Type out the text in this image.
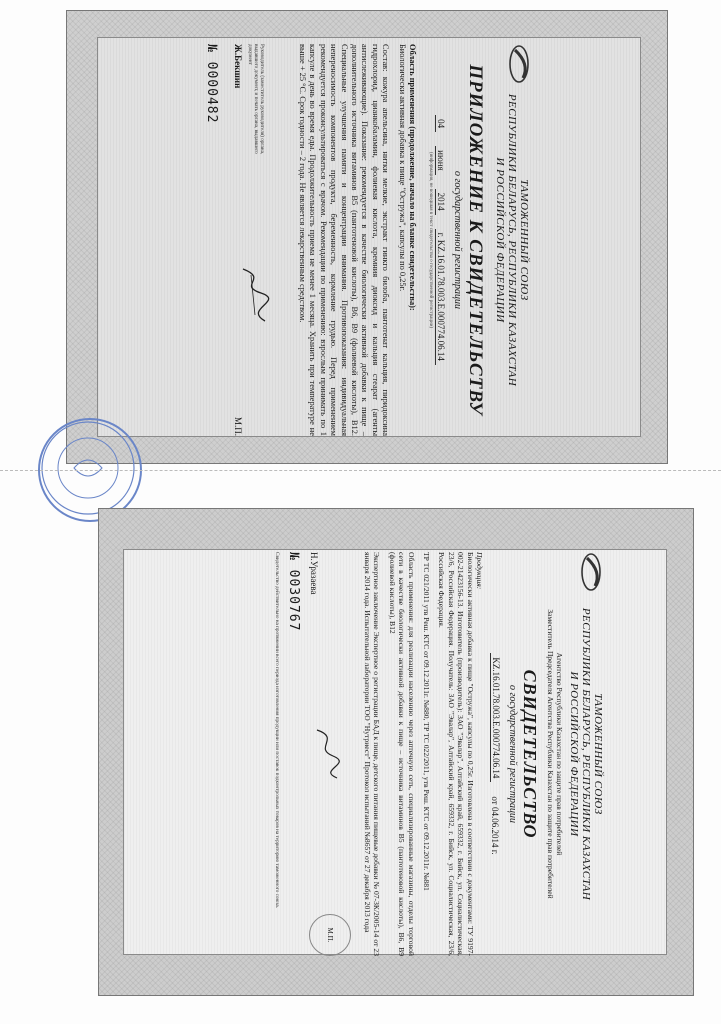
ТАМОЖЕННЫЙ СОЮЗ
РЕСПУБЛИКИ БЕЛАРУСЬ, РЕСПУБЛИКИ КАЗАХСТАН
И РОССИЙСКОЙ ФЕДЕРАЦИИ
ПРИЛОЖЕНИЕ К СВИДЕТЕЛЬСТВУ
о государственной регистрации
04
июня
2014
г. KZ.16.01.78.003.Е.000774.06.14
(информация, не вошедшая в текст свидетельства о государственной регистрации)
Область применения (продолжение, начало на бланке свидетельства):
Биологически активная добавка к пище "Остружа", капсулы по 0,25г.
Состав: кожура апельсина, нитки мелкие, экстракт гинкго билоба, пантотенат кальция, пиридоксина гидрохлорид, цианкобаламин, фолиевая кислота, кремния диоксид и кальция стеарат (агенты антислеживающие). Показание: рекомендуется в качестве биологически активной добавки к пище – дополнительного источника витаминов B5 (пантотеновой кислоты), B6, B9 (фолиевой кислоты), B12. Специальные улучшения памяти и концентрации внимания. Противопоказания: индивидуальная непереносимость компонентов продукта, беременность, кормление грудью. Перед применением рекомендуется проконсультироваться с врачом. Рекомендации по применению: взрослым принимать по 1 капсуле в день во время еды. Продолжительность приема не менее 1 месяца. Хранить при температуре не выше + 25 °C. Срок годности – 2 года. Не является лекарственным средством.
Руководитель (заместитель руководителя) органа, выдавшего документ, и печать органа, выдавшего документ
Ж.Бекшин
М.П.
№ 0000482
ТАМОЖЕННЫЙ СОЮЗ
РЕСПУБЛИКИ БЕЛАРУСЬ, РЕСПУБЛИКИ КАЗАХСТАН
И РОССИЙСКОЙ ФЕДЕРАЦИИ
Агентство Республики Казахстан по защите прав потребителей
Заместитель Председателя Агентства Республики Казахстан по защите прав потребителей
СВИДЕТЕЛЬСТВО
о государственной регистрации
KZ.16.01.78.003.Е.000774.06.14
от 04.06.2014 г.
Продукция:
Биологически активная добавка к пище "Остружа", капсулы по 0,25г. Изготовлена в соответствии с документами: ТУ 9197-002-21423156-13. Изготовитель (производитель): ЗАО "Эвалар", Алтайский край, 659332, г. Бийск, ул. Социалистическая, 23/6, Российская Федерация. Получатель: ЗАО "Эвалар", Алтайский край, 659332, г. Бийск, ул. Социалистическая, 23/6, Российская Федерация.
ТР ТС 021/2011 утв Реш. КТС от 09.12.2011г. №880, ТР ТС 022/2011, утв Реш. КТС от 09.12.2011г. №881
Область применения: для реализации населению через аптечную сеть, специализированные магазины, отделы торговой сети в качестве биологически активной добавки к пище – источника витаминов B5 (пантотеновой кислоты), B6, B9 (фолиевой кислоты), B12
Экспертное заключение Экспертное о регистрации БАД к пище, детского питания пищевые добавки № 07-ЗК/2005-14 от 23 января 2014 года. Испытательной лаборатории ТОО "Нутриест" Протокол испытаний №8657 от 27 декабря 2013 года
Н.Уразаева
М.П.
№ 0030767
Свидетельство действительно на протяжении всего периода изготовления продукции или поставок подконтрольных товаров на территорию таможенного союза.
